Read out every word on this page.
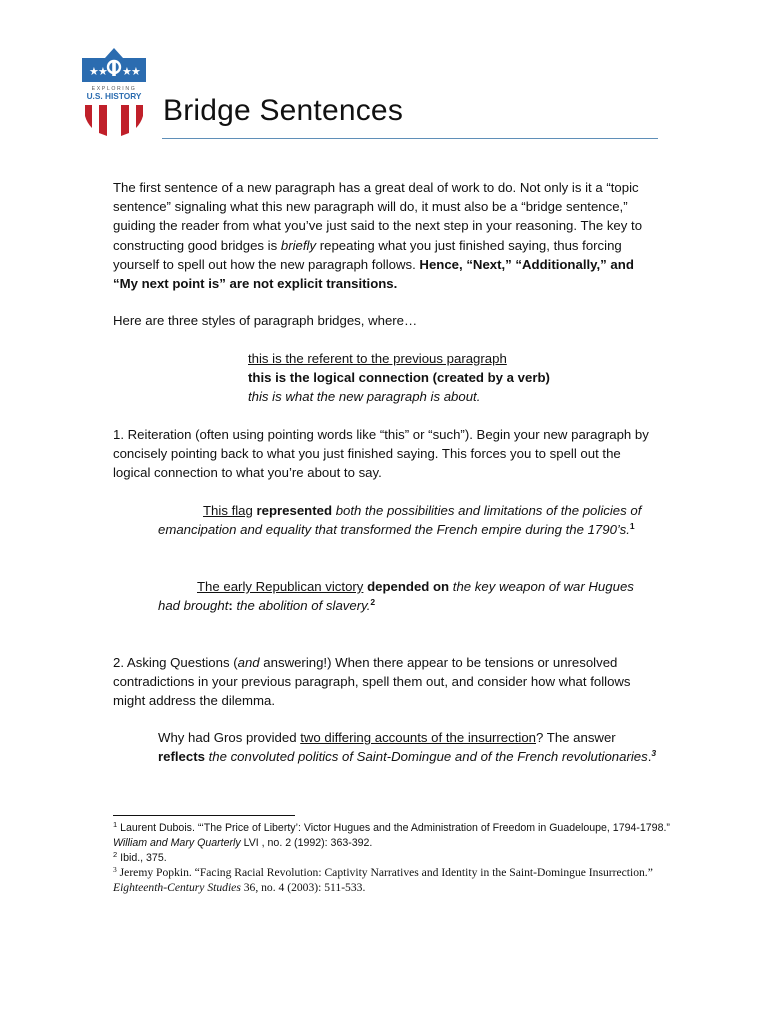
★ ★ ★ ★
EXPLORING
U.S. HISTORY Bridge Sentences

The first sentence of a new paragraph has a great deal of work to do. Not only is it a “topic sentence” signaling what this new paragraph will do, it must also be a “bridge sentence,” guiding the reader from what you’ve just said to the next step in your reasoning. The key to constructing good bridges is briefly repeating what you just finished saying, thus forcing yourself to spell out how the new paragraph follows. Hence, “Next,” “Additionally,” and “My next point is” are not explicit transitions.

Here are three styles of paragraph bridges, where…
this is the referent to the previous paragraph
this is the logical connection (created by a verb)
this is what the new paragraph is about.
1. Reiteration (often using pointing words like “this” or “such”). Begin your new paragraph by concisely pointing back to what you just finished saying. This forces you to spell out the logical connection to what you’re about to say.
This flag represented both the possibilities and limitations of the policies of emancipation and equality that transformed the French empire during the 1790’s.$^1$
The early Republican victory depended on the key weapon of war Hugues had brought: the abolition of slavery.$^2$
2. Asking Questions (and answering!) When there appear to be tensions or unresolved contradictions in your previous paragraph, spell them out, and consider how what follows might address the dilemma.
Why had Gros provided two differing accounts of the insurrection? The answer reflects the convoluted politics of Saint-Domingue and of the French revolutionaries.$^3$
$^1$ Laurent Dubois. “‘The Price of Liberty’: Victor Hugues and the Administration of Freedom in Guadeloupe, 1794-1798.” William and Mary Quarterly LVI , no. 2 (1992): 363-392.
$^2$ Ibid., 375.
$^3$ Jeremy Popkin. “Facing Racial Revolution: Captivity Narratives and Identity in the Saint-Domingue Insurrection.” Eighteenth-Century Studies 36, no. 4 (2003): 511-533.
